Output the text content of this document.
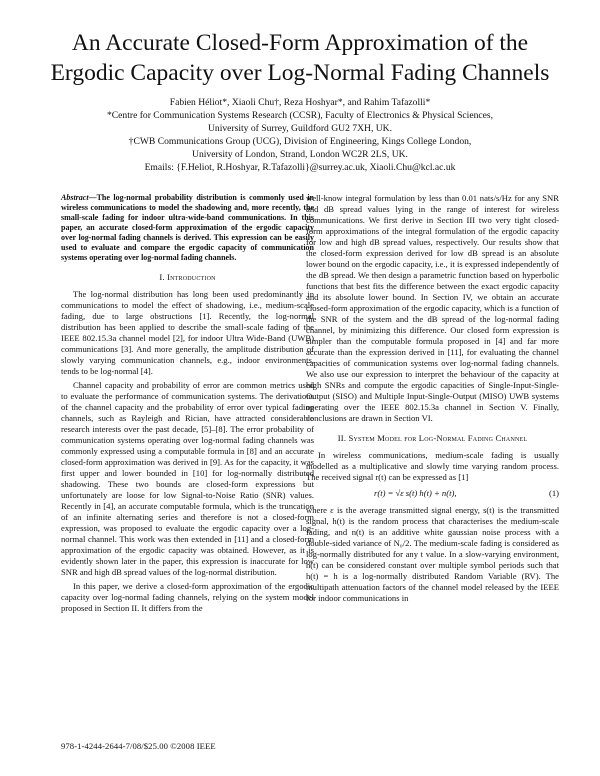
An Accurate Closed-Form Approximation of the
Ergodic Capacity over Log-Normal Fading Channels
Fabien Héliot*, Xiaoli Chu†, Reza Hoshyar*, and Rahim Tafazolli*
*Centre for Communication Systems Research (CCSR), Faculty of Electronics & Physical Sciences,
University of Surrey, Guildford GU2 7XH, UK.
†CWB Communications Group (UCG), Division of Engineering, Kings College London,
University of London, Strand, London WC2R 2LS, UK.
Emails: {F.Heliot, R.Hoshyar, R.Tafazolli}@surrey.ac.uk, Xiaoli.Chu@kcl.ac.uk
Abstract—The log-normal probability distribution is commonly used in wireless communications to model the shadowing and, more recently, the small-scale fading for indoor ultra-wide-band communications. In this paper, an accurate closed-form approximation of the ergodic capacity over log-normal fading channels is derived. This expression can be easily used to evaluate and compare the ergodic capacity of communication systems operating over log-normal fading channels.
I. Introduction

The log-normal distribution has long been used predominantly in communications to model the effect of shadowing, i.e., medium-scale fading, due to large obstructions [1]. Recently, the log-normal distribution has been applied to describe the small-scale fading of the IEEE 802.15.3a channel model [2], for indoor Ultra Wide-Band (UWB) communications [3]. And more generally, the amplitude distribution of slowly varying communication channels, e.g., indoor environments, tends to be log-normal [4].

Channel capacity and probability of error are common metrics used to evaluate the performance of communication systems. The derivations of the channel capacity and the probability of error over typical fading channels, such as Rayleigh and Rician, have attracted considerable research interests over the past decade, [5]–[8]. The error probability of communication systems operating over log-normal fading channels was commonly expressed using a computable formula in [8] and an accurate closed-form approximation was derived in [9]. As for the capacity, it was first upper and lower bounded in [10] for log-normally distributed shadowing. These two bounds are closed-form expressions but unfortunately are loose for low Signal-to-Noise Ratio (SNR) values. Recently in [4], an accurate computable formula, which is the truncation of an infinite alternating series and therefore is not a closed-form expression, was proposed to evaluate the ergodic capacity over a log-normal channel. This work was then extended in [11] and a closed-form approximation of the ergodic capacity was obtained. However, as it is evidently shown later in the paper, this expression is inaccurate for low SNR and high dB spread values of the log-normal distribution.

In this paper, we derive a closed-form approximation of the ergodic capacity over log-normal fading channels, relying on the system model proposed in Section II. It differs from the

well-know integral formulation by less than 0.01 nats/s/Hz for any SNR and dB spread values lying in the range of interest for wireless communications. We first derive in Section III two very tight closed-form approximations of the integral formulation of the ergodic capacity for low and high dB spread values, respectively. Our results show that the closed-form expression derived for low dB spread is an absolute lower bound on the ergodic capacity, i.e., it is expressed independently of the dB spread. We then design a parametric function based on hyperbolic functions that best fits the difference between the exact ergodic capacity and its absolute lower bound. In Section IV, we obtain an accurate closed-form approximation of the ergodic capacity, which is a function of the SNR of the system and the dB spread of the log-normal fading channel, by minimizing this difference. Our closed form expression is simpler than the computable formula proposed in [4] and far more accurate than the expression derived in [11], for evaluating the channel capacities of communication systems over log-normal fading channels. We also use our expression to interpret the behaviour of the capacity at high SNRs and compute the ergodic capacities of Single-Input-Single-Output (SISO) and Multiple Input-Single-Output (MISO) UWB systems operating over the IEEE 802.15.3a channel in Section V. Finally, conclusions are drawn in Section VI.

II. System Model for Log-Normal Fading Channel

In wireless communications, medium-scale fading is usually modelled as a multiplicative and slowly time varying random process. The received signal r(t) can be expressed as [1]

r(t) = √ε s(t) h(t) + n(t),	(1)

where ε is the average transmitted signal energy, s(t) is the transmitted signal, h(t) is the random process that characterises the medium-scale fading, and n(t) is an additive white gaussian noise process with a double-sided variance of N₀/2. The medium-scale fading is considered as log-normally distributed for any t value. In a slow-varying environment, h(t) can be considered constant over multiple symbol periods such that h(t) = h is a log-normally distributed Random Variable (RV). The multipath attenuation factors of the channel model released by the IEEE for indoor communications in

978-1-4244-2644-7/08/$25.00 ©2008 IEEE
